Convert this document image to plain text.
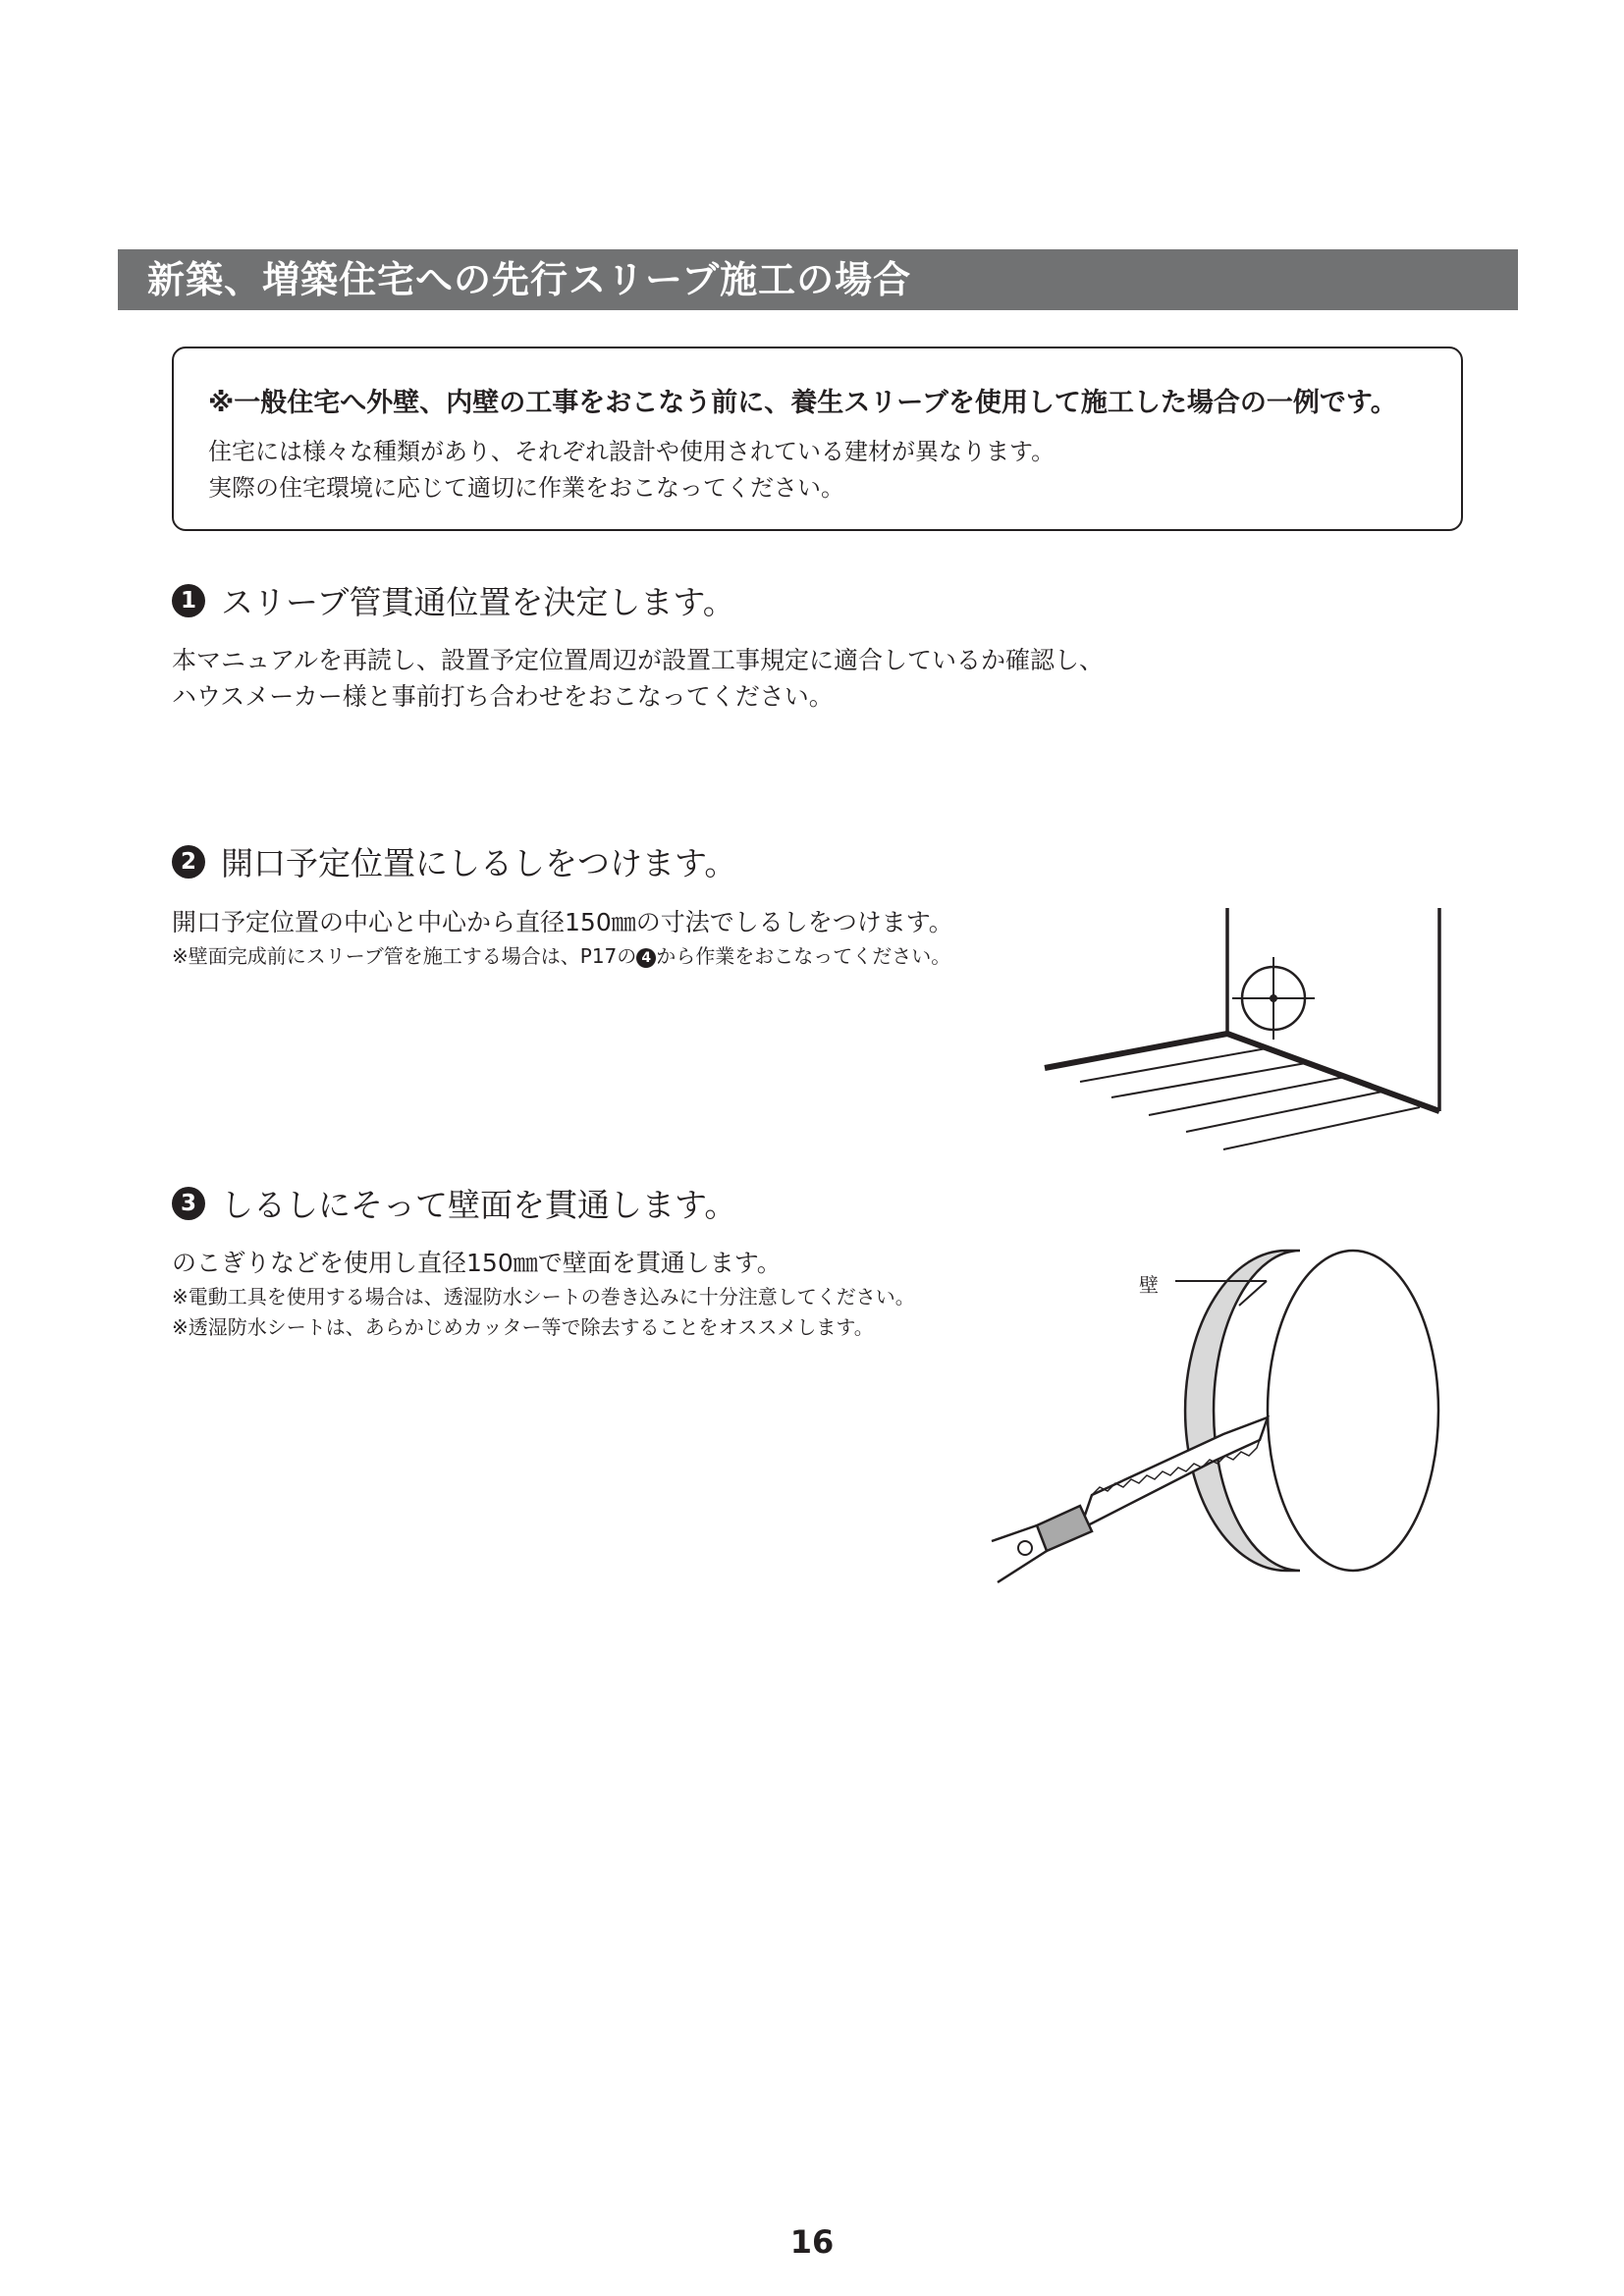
新築、増築住宅への先行スリーブ施工の場合
※一般住宅へ外壁、内壁の工事をおこなう前に、養生スリーブを使用して施工した場合の一例です。
住宅には様々な種類があり、それぞれ設計や使用されている建材が異なります。
実際の住宅環境に応じて適切に作業をおこなってください。
1 スリーブ管貫通位置を決定します。
本マニュアルを再読し、設置予定位置周辺が設置工事規定に適合しているか確認し、
ハウスメーカー様と事前打ち合わせをおこなってください。
2 開口予定位置にしるしをつけます。
開口予定位置の中心と中心から直径150㎜の寸法でしるしをつけます。
※壁面完成前にスリーブ管を施工する場合は、P17の 4 から作業をおこなってください。
3 しるしにそって壁面を貫通します。
のこぎりなどを使用し直径150㎜で壁面を貫通します。
※電動工具を使用する場合は、透湿防水シートの巻き込みに十分注意してください。
※透湿防水シートは、あらかじめカッター等で除去することをオススメします。
壁
16
